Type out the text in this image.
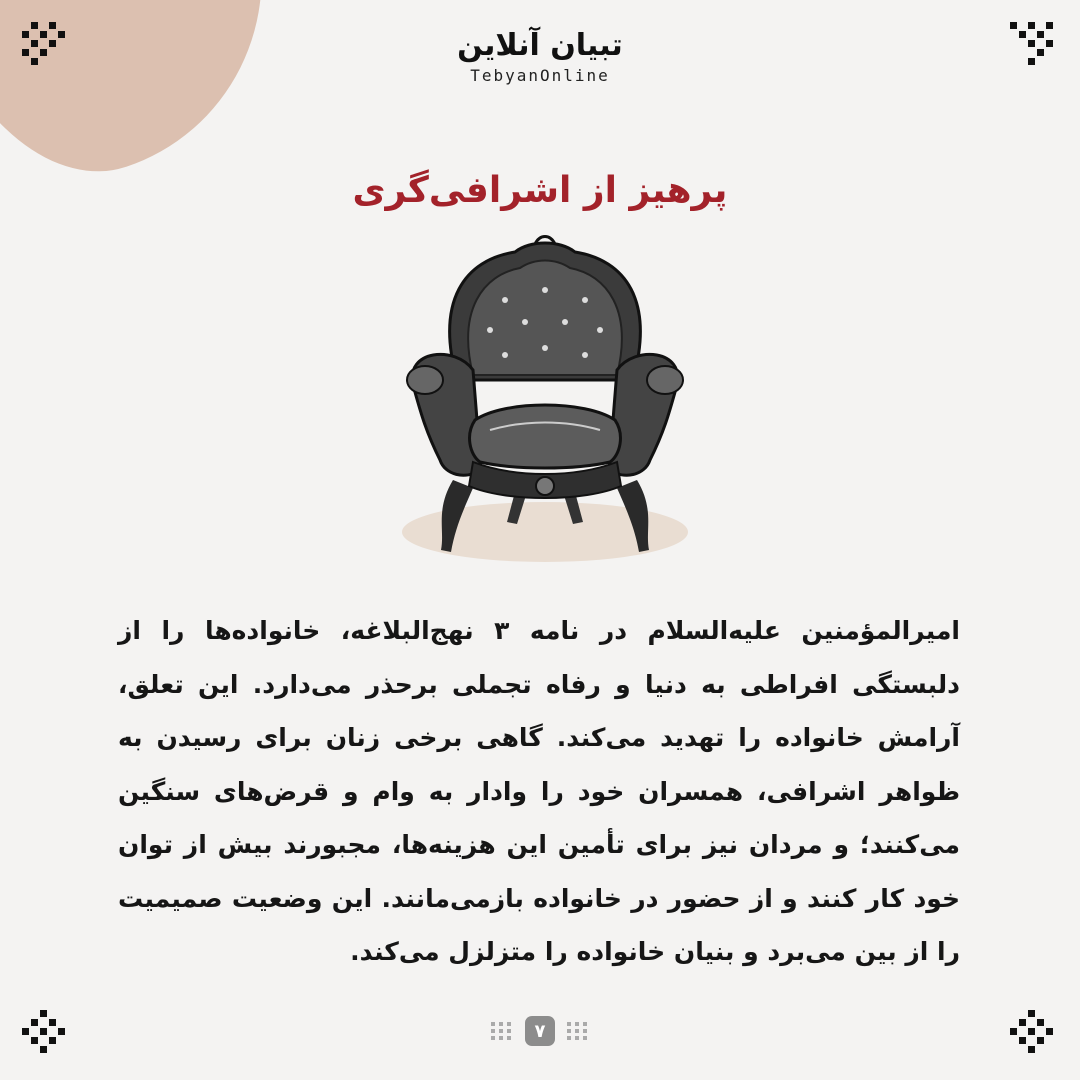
تبیان آنلاین
TebyanOnline
پرهیز از اشرافی‌گری
امیرالمؤمنین علیه‌السلام در نامه ۳ نهج‌البلاغه، خانواده‌ها را از دلبستگی افراطی به دنیا و رفاه تجملی برحذر می‌دارد. این تعلق، آرامش خانواده را تهدید می‌کند. گاهی برخی زنان برای رسیدن به ظواهر اشرافی، همسران خود را وادار به وام و قرض‌های سنگین می‌کنند؛ و مردان نیز برای تأمین این هزینه‌ها، مجبورند بیش از توان خود کار کنند و از حضور در خانواده بازمی‌مانند. این وضعیت صمیمیت را از بین می‌برد و بنیان خانواده را متزلزل می‌کند.
۷
